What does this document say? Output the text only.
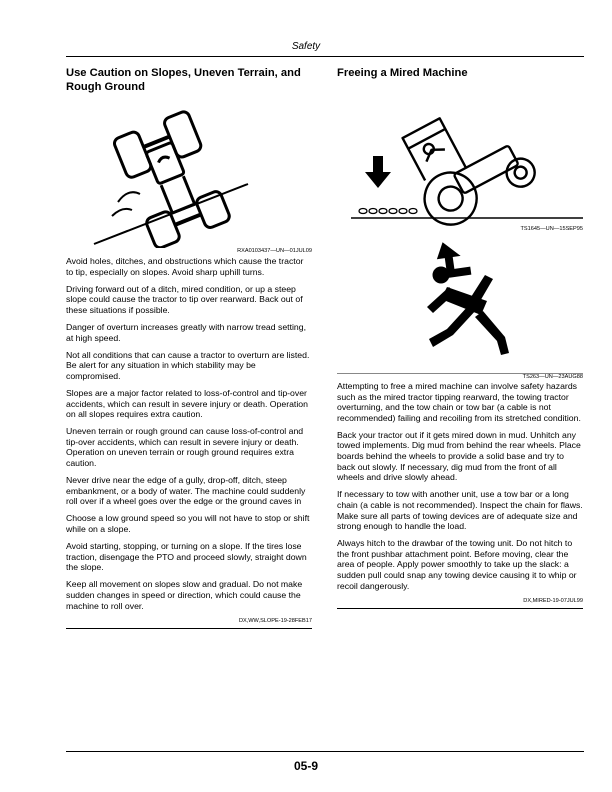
Safety
Use Caution on Slopes, Uneven Terrain, and Rough Ground
RXA0103437—UN—01JUL09

Avoid holes, ditches, and obstructions which cause the tractor to tip, especially on slopes. Avoid sharp uphill turns.

Driving forward out of a ditch, mired condition, or up a steep slope could cause the tractor to tip over rearward. Back out of these situations if possible.

Danger of overturn increases greatly with narrow tread setting, at high speed.

Not all conditions that can cause a tractor to overturn are listed. Be alert for any situation in which stability may be compromised.

Slopes are a major factor related to loss-of-control and tip-over accidents, which can result in severe injury or death. Operation on all slopes requires extra caution.

Uneven terrain or rough ground can cause loss-of-control and tip-over accidents, which can result in severe injury or death. Operation on uneven terrain or rough ground requires extra caution.

Never drive near the edge of a gully, drop-off, ditch, steep embankment, or a body of water. The machine could suddenly roll over if a wheel goes over the edge or the ground caves in

Choose a low ground speed so you will not have to stop or shift while on a slope.

Avoid starting, stopping, or turning on a slope. If the tires lose traction, disengage the PTO and proceed slowly, straight down the slope.

Keep all movement on slopes slow and gradual. Do not make sudden changes in speed or direction, which could cause the machine to roll over.

DX,WW,SLOPE-19-28FEB17
Freeing a Mired Machine
TS1645—UN—15SEP95
TS263—UN—23AUG88

Attempting to free a mired machine can involve safety hazards such as the mired tractor tipping rearward, the towing tractor overturning, and the tow chain or tow bar (a cable is not recommended) failing and recoiling from its stretched condition.

Back your tractor out if it gets mired down in mud. Unhitch any towed implements. Dig mud from behind the rear wheels. Place boards behind the wheels to provide a solid base and try to back out slowly. If necessary, dig mud from the front of all wheels and drive slowly ahead.

If necessary to tow with another unit, use a tow bar or a long chain (a cable is not recommended). Inspect the chain for flaws. Make sure all parts of towing devices are of adequate size and strong enough to handle the load.

Always hitch to the drawbar of the towing unit. Do not hitch to the front pushbar attachment point. Before moving, clear the area of people. Apply power smoothly to take up the slack: a sudden pull could snap any towing device causing it to whip or recoil dangerously.

DX,MIRED-19-07JUL99
05-9
